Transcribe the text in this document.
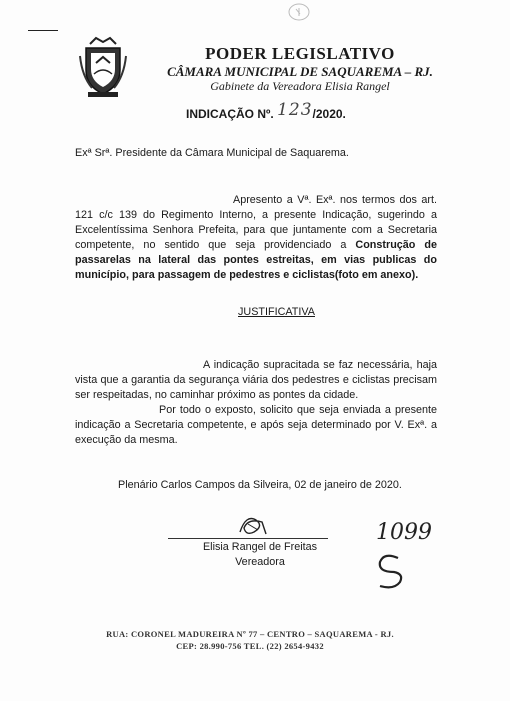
PODER LEGISLATIVO
CÂMARA MUNICIPAL DE SAQUAREMA – RJ.
Gabinete da Vereadora Elisia Rangel
INDICAÇÃO Nº. 123/2020.
Exª Srª. Presidente da Câmara Municipal de Saquarema.
Apresento a Vª. Exª. nos termos dos art. 121 c/c 139 do Regimento Interno, a presente Indicação, sugerindo a Excelentíssima Senhora Prefeita, para que juntamente com a Secretaria competente, no sentido que seja providenciado a Construção de passarelas na lateral das pontes estreitas, em vias publicas do município, para passagem de pedestres e ciclistas(foto em anexo).
JUSTIFICATIVA
A indicação supracitada se faz necessária, haja vista que a garantia da segurança viária dos pedestres e ciclistas precisam ser respeitadas, no caminhar próximo as pontes da cidade.
Por todo o exposto, solicito que seja enviada a presente indicação a Secretaria competente, e após seja determinado por V. Exª. a execução da mesma.
Plenário Carlos Campos da Silveira, 02 de janeiro de 2020.
Elisia Rangel de Freitas
Vereadora
1099
RUA: CORONEL MADUREIRA Nº 77 – CENTRO – SAQUAREMA - RJ.
CEP: 28.990-756 TEL. (22) 2654-9432
